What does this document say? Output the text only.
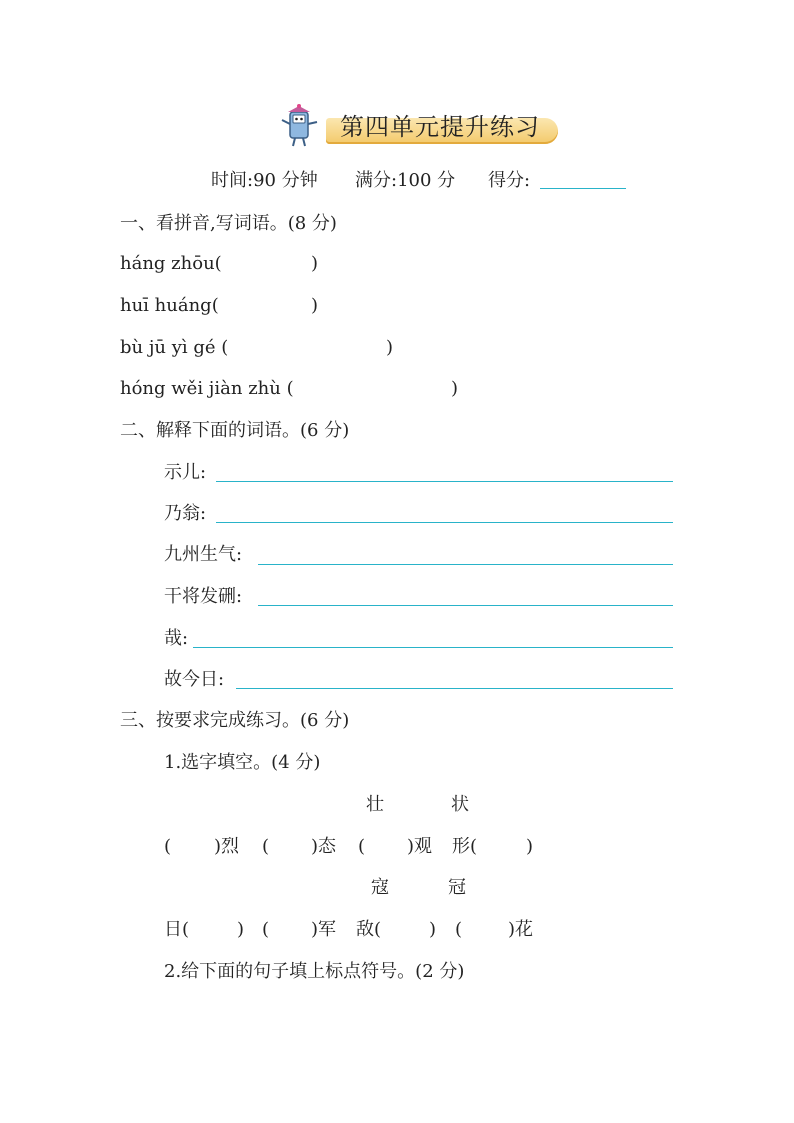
第四单元提升练习
时间:90 分钟 满分:100 分 得分:
一、看拼音,写词语。(8 分)
háng zhōu(	)
huī huáng(	)
bù jū yì gé (	)
hóng wěi jiàn zhù (	)
二、解释下面的词语。(6 分)
示儿:
乃翁:
九州生气:
干将发硎:
哉:
故今日:
三、按要求完成练习。(6 分)
1.选字填空。(4 分)
壮	状
( )烈 ( )态 ( )观 形(	)
寇	冠
日(	) ( )军 敌(	) (	)花
2.给下面的句子填上标点符号。(2 分)
